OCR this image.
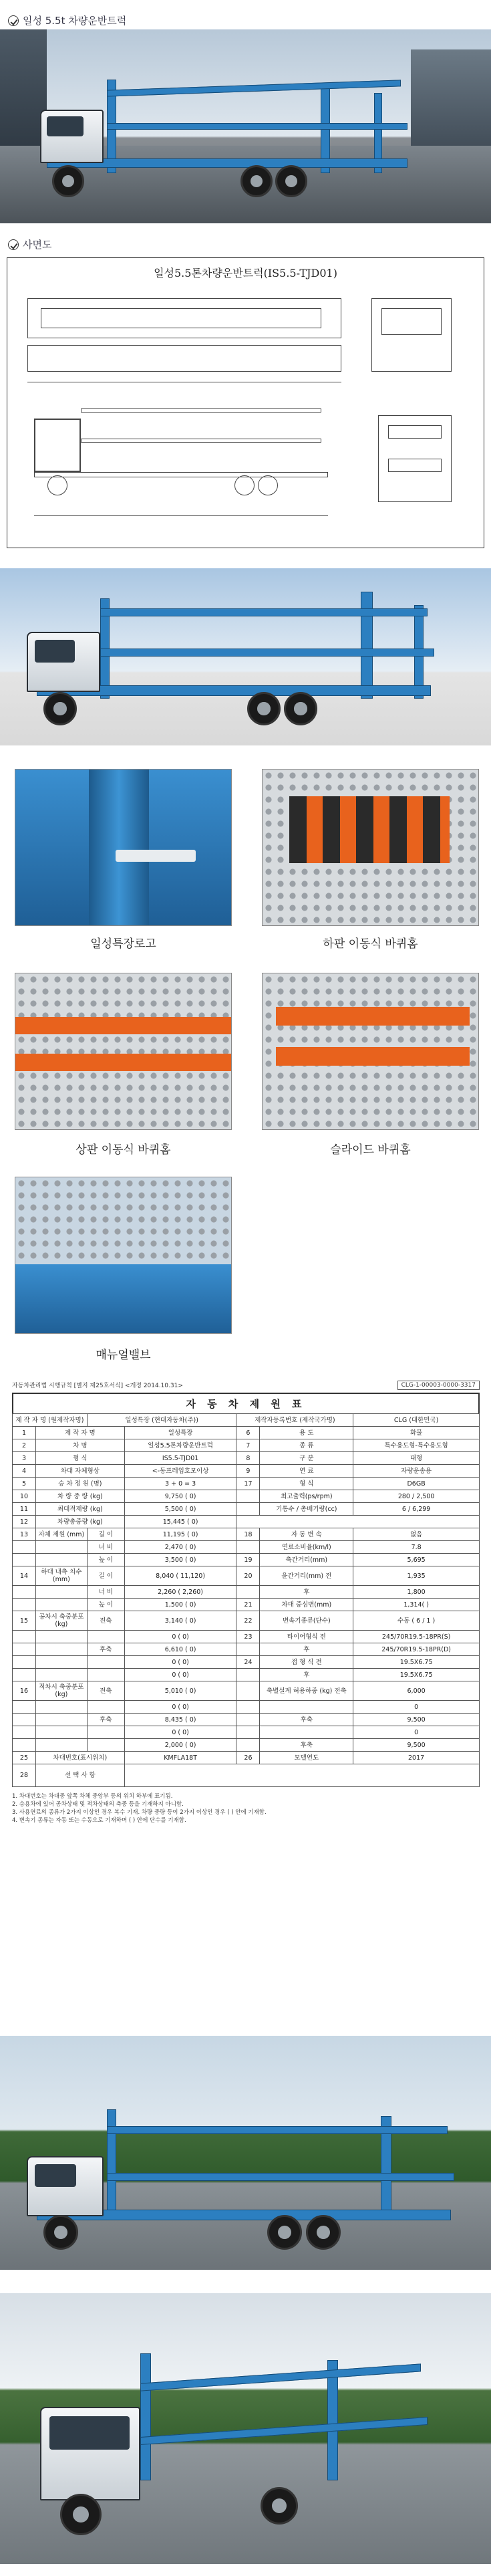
일성 5.5t 차량운반트럭
사면도
일성5.5톤차량운반트럭(IS5.5-TJD01)
일성특장로고	하판 이동식 바퀴홈
상판 이동식 바퀴홈	슬라이드 바퀴홈
매뉴얼밸브
자동차관리법 시행규칙 [별지 제25호서식] <개정 2014.10.31>	CLG-1-00003-0000-3317
자 동 차 제 원 표
제 작 자 명 (원제작자명)		일성특장 (현대자동차(주))		제작자등록번호 (제작국가명)		CLG (대한민국)
1	제 작 자 명		일성특장	6	용 도	화물
2	차 명		일성5.5톤차량운반트럭	7	종 류	특수용도형-특수용도형
3	형 식		IS5.5-TJD01	8	구 분	대형
4	차대 자체형상		<-동프레임호모이상	9	연 료	자량운송용
5	승 차 정 원 (명)		3 + 0 = 3	17	형 식	D6GB
10	차 량 중 량 (kg)		9,750 ( 0)		최고출력(ps/rpm)	280 / 2,500
11	최대적재량 (kg)		5,500 ( 0)		기통수 / 총배기량(cc)	6 / 6,299
12	차량총중량 (kg)		15,445 ( 0)			
13	자체 제원 (mm)	길 이	11,195 ( 0)	18	자 동 변 속	없음
		너 비	2,470 ( 0)		연료소비율(km/l)	7.8
		높 이	3,500 ( 0)	19	축간거리(mm)	5,695
14	하대 내측 치수 (mm)	길 이	8,040 ( 11,120)	20	윤간거리(mm) 전	1,935
		너 비	2,260 ( 2,260)		후	1,800
		높 이	1,500 ( 0)	21	차대 중심변(mm)	1,314( )
15	공차시 축중분포 (kg)	전축	3,140 ( 0)	22	변속기종류(단수)	수동 ( 6 / 1 )
			0 ( 0)	23	타이어형식 전	245/70R19.5-18PR(S)
		후축	6,610 ( 0)		후	245/70R19.5-18PR(D)
			0 ( 0)	24	접 형 식 전	19.5X6.75
			0 ( 0)		후	19.5X6.75
16	적차시 축중분포 (kg)	전축	5,010 ( 0)		축별설계 허용하중 (kg) 전축	6,000
			0 ( 0)			0
		후축	8,435 ( 0)		후축	9,500
			0 ( 0)			0
			2,000 ( 0)		후축	9,500
25	차대번호(표시위치)		KMFLA18T	26	모델연도	2017
28	선 택 사 항					
1. 차대번호는 차대중 앞쪽 차체 중앙부 등의 위치 하부에 표기됨.
2. 승용차에 있어 공차상태 및 적차상태의 축중 등을 기재하지 아니함.
3. 사용연료의 종류가 2가지 이상인 경우 복수 기재. 차량 중량 등이 2가지 이상인 경우 ( ) 안에 기재함.
4. 변속기 종류는 자동 또는 수동으로 기재하며 ( ) 안에 단수를 기재함.
